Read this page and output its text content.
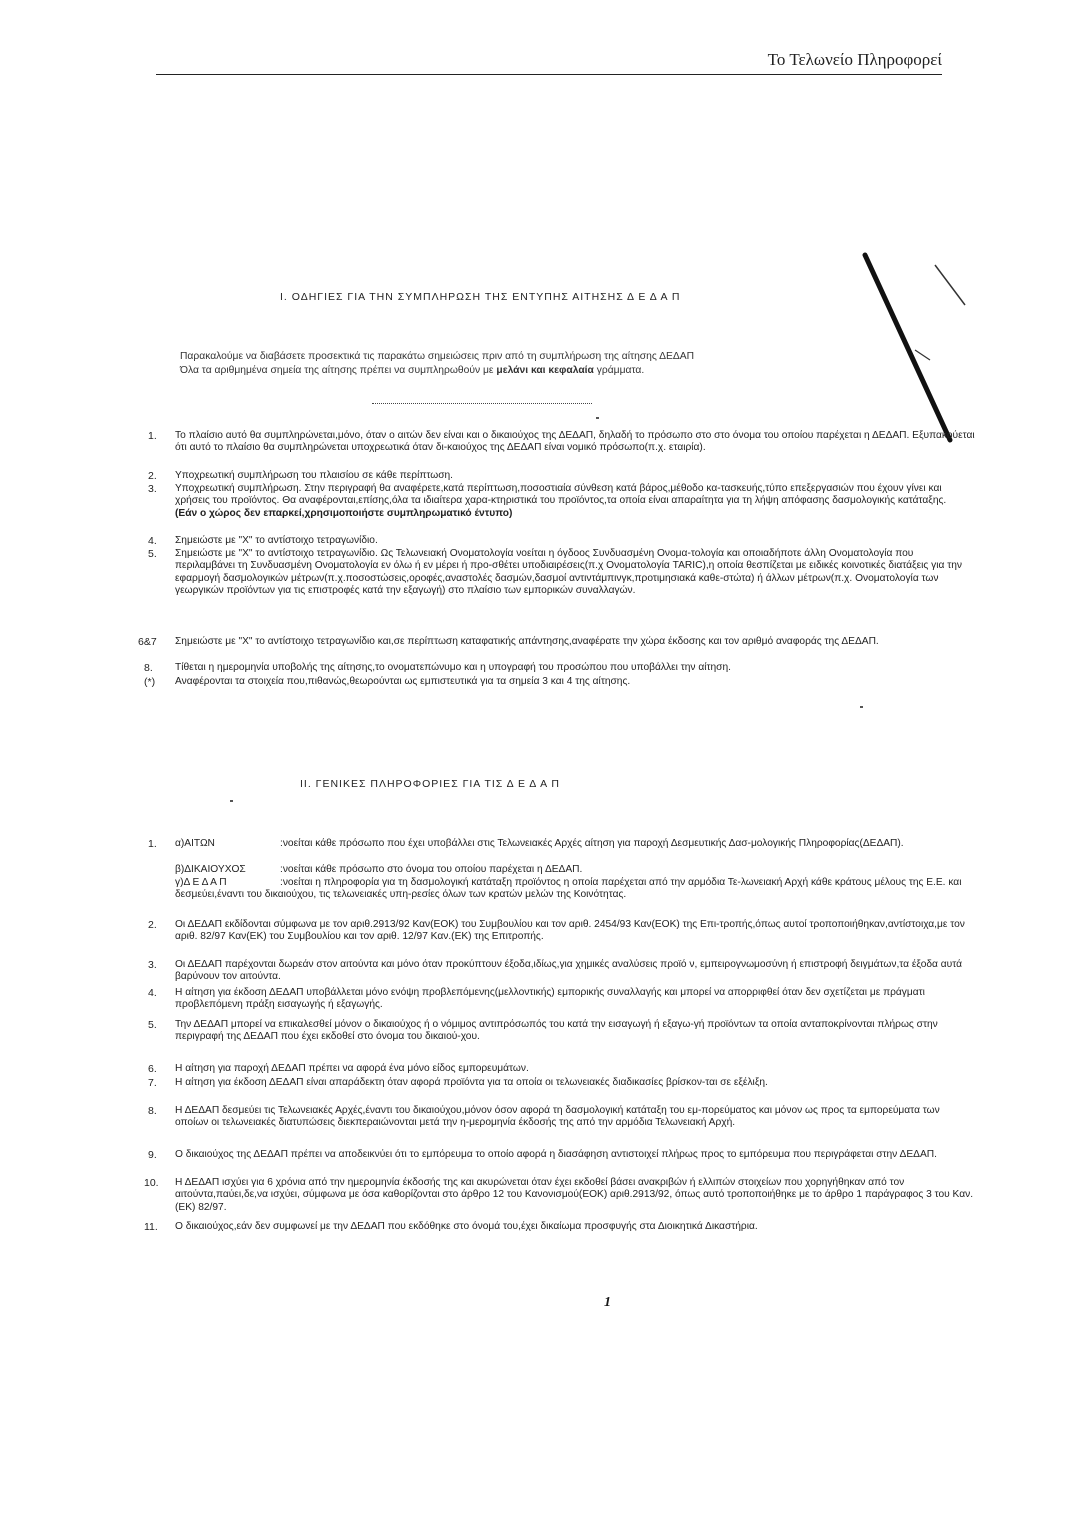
Το Τελωνείο Πληροφορεί
I. ΟΔΗΓΙΕΣ ΓΙΑ ΤΗΝ ΣΥΜΠΛΗΡΩΣΗ ΤΗΣ ΕΝΤΥΠΗΣ ΑΙΤΗΣΗΣ Δ Ε Δ Α Π

Παρακαλούμε να διαβάσετε προσεκτικά τις παρακάτω σημειώσεις πριν από τη συμπλήρωση της αίτησης ΔΕΔΑΠ

Όλα τα αριθμημένα σημεία της αίτησης πρέπει να συμπληρωθούν με μελάνι και κεφαλαία γράμματα.

1.	Το πλαίσιο αυτό θα συμπληρώνεται,μόνο, όταν ο αιτών δεν είναι και ο δικαιούχος της ΔΕΔΑΠ, δηλαδή το πρόσωπο στο στο όνομα του οποίου παρέχεται η ΔΕΔΑΠ. Εξυπακούεται ότι αυτό το πλαίσιο θα συμπληρώνεται υποχρεωτικά όταν δι-καιούχος της ΔΕΔΑΠ είναι νομικό πρόσωπο(π.χ. εταιρία).
2.	Υποχρεωτική συμπλήρωση του πλαισίου σε κάθε περίπτωση.
3.	Υποχρεωτική συμπλήρωση. Στην περιγραφή θα αναφέρετε,κατά περίπτωση,ποσοστιαία σύνθεση κατά βάρος,μέθοδο κα-τασκευής,τύπο επεξεργασιών που έχουν γίνει και χρήσεις του προϊόντος. Θα αναφέρονται,επίσης,όλα τα ιδιαίτερα χαρα-κτηριστικά του προϊόντος,τα οποία είναι απαραίτητα για τη λήψη απόφασης δασμολογικής κατάταξης.
(Εάν ο χώρος δεν επαρκεί,χρησιμοποιήστε συμπληρωματικό έντυπο)
4.	Σημειώστε με "Χ" το αντίστοιχο τετραγωνίδιο.
5.	Σημειώστε με "Χ" το αντίστοιχο τετραγωνίδιο. Ως Τελωνειακή Ονοματολογία νοείται η όγδοος Συνδυασμένη Ονομα-τολογία και οποιαδήποτε άλλη Ονοματολογία που περιλαμβάνει τη Συνδυασμένη Ονοματολογία εν όλω ή εν μέρει ή προ-σθέτει υποδιαιρέσεις(π.χ Ονοματολογία TARIC),η οποία θεσπίζεται με ειδικές κοινοτικές διατάξεις για την εφαρμογή δασμολογικών μέτρων(π.χ.ποσοστώσεις,οροφές,αναστολές δασμών,δασμοί αντιντάμπινγκ,προτιμησιακά καθε-στώτα) ή άλλων μέτρων(π.χ. Ονοματολογία των γεωργικών προϊόντων για τις επιστροφές κατά την εξαγωγή) στο πλαίσιο των εμπορικών συναλλαγών.
6&7	Σημειώστε με "Χ" το αντίστοιχο τετραγωνίδιο και,σε περίπτωση καταφατικής απάντησης,αναφέρατε την χώρα έκδοσης και τον αριθμό αναφοράς της ΔΕΔΑΠ.
8.	Τίθεται η ημερομηνία υποβολής της αίτησης,το ονοματεπώνυμο και η υπογραφή του προσώπου που υποβάλλει την αίτηση.
(*)	Αναφέρονται τα στοιχεία που,πιθανώς,θεωρούνται ως εμπιστευτικά για τα σημεία 3 και 4 της αίτησης.
II. ΓΕΝΙΚΕΣ ΠΛΗΡΟΦΟΡΙΕΣ ΓΙΑ ΤΙΣ Δ Ε Δ Α Π
1.	α)ΑΙΤΩΝ	:νοείται κάθε πρόσωπο που έχει υποβάλλει στις Τελωνειακές Αρχές αίτηση για παροχή Δεσμευτικής Δασ-μολογικής Πληροφορίας(ΔΕΔΑΠ).
β)ΔΙΚΑΙΟΥΧΟΣ	:νοείται κάθε πρόσωπο στο όνομα του οποίου παρέχεται η ΔΕΔΑΠ.
γ)Δ Ε Δ Α Π	:νοείται η πληροφορία για τη δασμολογική κατάταξη προϊόντος η οποία παρέχεται από την αρμόδια Τε-λωνειακή Αρχή κάθε κράτους μέλους της Ε.Ε. και δεσμεύει,έναντι του δικαιούχου, τις τελωνειακές υπη-ρεσίες όλων των κρατών μελών της Κοινότητας.
2.	Οι ΔΕΔΑΠ εκδίδονται σύμφωνα με τον αριθ.2913/92 Καν(ΕΟΚ) του Συμβουλίου και τον αριθ. 2454/93 Καν(ΕΟΚ) της Επι-τροπής,όπως αυτοί τροποποιήθηκαν,αντίστοιχα,με τον αριθ. 82/97 Καν(ΕΚ) του Συμβουλίου και τον αριθ. 12/97 Καν.(ΕΚ) της Επιτροπής.
3.	Οι ΔΕΔΑΠ παρέχονται δωρεάν στον αιτούντα και μόνο όταν προκύπτουν έξοδα,ιδίως,για χημικές αναλύσεις προϊό ν, εμπειρογνωμοσύνη ή επιστροφή δειγμάτων,τα έξοδα αυτά βαρύνουν τον αιτούντα.
4.	Η αίτηση για έκδοση ΔΕΔΑΠ υποβάλλεται μόνο ενόψη προβλεπόμενης(μελλοντικής) εμπορικής συναλλαγής και μπορεί να απορριφθεί όταν δεν σχετίζεται με πράγματι προβλεπόμενη πράξη εισαγωγής ή εξαγωγής.
5.	Την ΔΕΔΑΠ μπορεί να επικαλεσθεί μόνον ο δικαιούχος ή ο νόμιμος αντιπρόσωπός του κατά την εισαγωγή ή εξαγω-γή προϊόντων τα οποία ανταποκρίνονται πλήρως στην περιγραφή της ΔΕΔΑΠ που έχει εκδοθεί στο όνομα του δικαιού-χου.
6.	Η αίτηση για παροχή ΔΕΔΑΠ πρέπει να αφορά ένα μόνο είδος εμπορευμάτων.
7.	Η αίτηση για έκδοση ΔΕΔΑΠ είναι απαράδεκτη όταν αφορά προϊόντα για τα οποία οι τελωνειακές διαδικασίες βρίσκον-ται σε εξέλιξη.
8.	Η ΔΕΔΑΠ δεσμεύει τις Τελωνειακές Αρχές,έναντι του δικαιούχου,μόνον όσον αφορά τη δασμολογική κατάταξη του εμ-πορεύματος και μόνον ως προς τα εμπορεύματα των οποίων οι τελωνειακές διατυπώσεις διεκπεραιώνονται μετά την η-μερομηνία έκδοσής της από την αρμόδια Τελωνειακή Αρχή.
9.	Ο δικαιούχος της ΔΕΔΑΠ πρέπει να αποδεικνύει ότι το εμπόρευμα το οποίο αφορά η διασάφηση αντιστοιχεί πλήρως προς το εμπόρευμα που περιγράφεται στην ΔΕΔΑΠ.
10.	Η ΔΕΔΑΠ ισχύει για 6 χρόνια από την ημερομηνία έκδοσής της και ακυρώνεται όταν έχει εκδοθεί βάσει ανακριβών ή ελλιπών στοιχείων που χορηγήθηκαν από τον αιτούντα,παύει,δε,να ισχύει, σύμφωνα με όσα καθορίζονται στο άρθρο 12 του Κανονισμού(ΕΟΚ) αριθ.2913/92, όπως αυτό τροποποιήθηκε με το άρθρο 1 παράγραφος 3 του Καν.(ΕΚ) 82/97.
11.	Ο δικαιούχος,εάν δεν συμφωνεί με την ΔΕΔΑΠ που εκδόθηκε στο όνομά του,έχει δικαίωμα προσφυγής στα Διοικητικά Δικαστήρια.
1
